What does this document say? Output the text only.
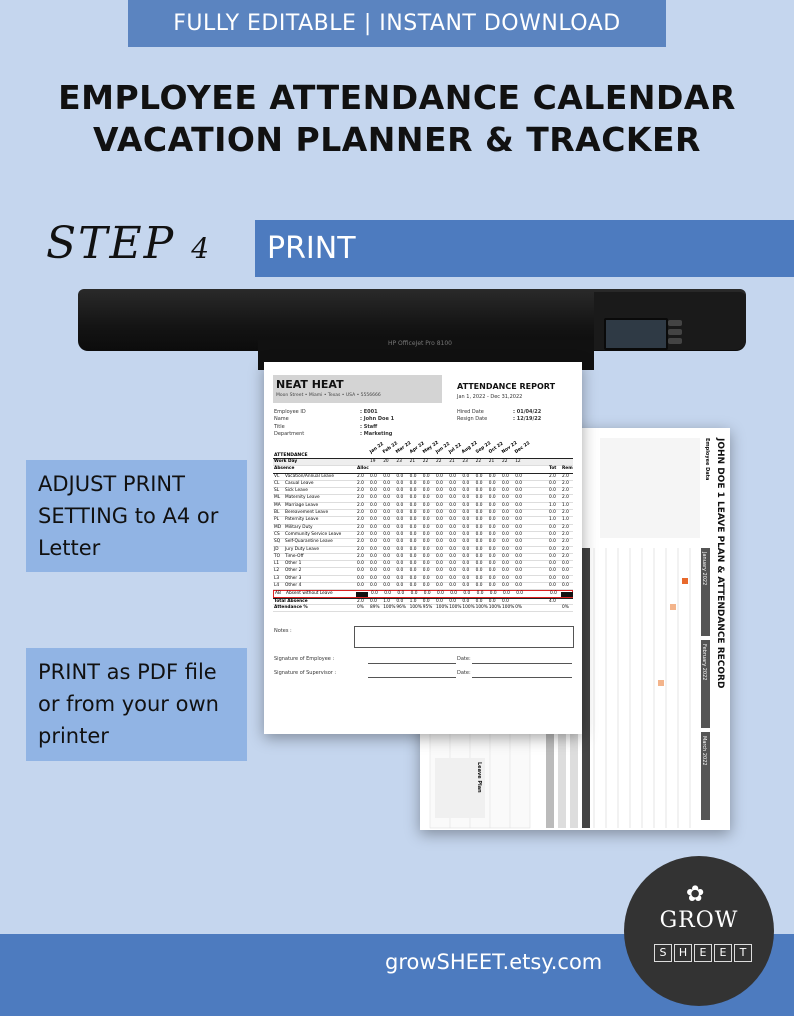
FULLY EDITABLE | INSTANT DOWNLOAD
EMPLOYEE ATTENDANCE CALENDAR
VACATION PLANNER & TRACKER
STEP 4	PRINT
HP OfficeJet Pro 8100
JOHN DOE 1 LEAVE PLAN & ATTENDANCE RECORD
Employee Data
January 2022
February 2022
March 2022
Leave Plan
NEAT HEAT
Moon Street • Miami • Texas • USA • 5556666
ATTENDANCE REPORT
Jan 1, 2022 - Dec 31,2022
Employee ID	: E001
Name	: John Doe 1
Title	: Staff
Department	: Marketing
Hired Date	: 01/04/22
Resign Date	: 12/19/22
ATTENDANCE
Jan 22
Feb 22
Mar 22
Apr 22
May 22
Jun 22
Jul 22
Aug 22
Sep 22
Oct 22
Nov 22
Dec 22
Work Day	19 20 23 21 22 22 21 23 22 21 22 12
Absence	Alloc	Tot Rem
VL Vacation/Annual Leave	2.0 0.0 0.0 0.0 0.0 0.0 0.0 0.0 0.0 0.0 0.0 0.0 0.0	2.0 2.0
CL Casual Leave	2.0 0.0 0.0 0.0 0.0 0.0 0.0 0.0 0.0 0.0 0.0 0.0 0.0	0.0 2.0
SL Sick Leave	2.0 0.0 0.0 0.0 0.0 0.0 0.0 0.0 0.0 0.0 0.0 0.0 0.0	0.0 2.0
ML Maternity Leave	2.0 0.0 0.0 0.0 0.0 0.0 0.0 0.0 0.0 0.0 0.0 0.0 0.0	0.0 2.0
MA Marriage Leave	2.0 0.0 0.0 0.0 0.0 0.0 0.0 0.0 0.0 0.0 0.0 0.0 0.0	1.0 1.0
BL Bereavement Leave	2.0 0.0 0.0 0.0 0.0 0.0 0.0 0.0 0.0 0.0 0.0 0.0 0.0	0.0 2.0
PL Paternity Leave	2.0 0.0 0.0 0.0 0.0 0.0 0.0 0.0 0.0 0.0 0.0 0.0 0.0	1.0 1.0
MD Military Duty	2.0 0.0 0.0 0.0 0.0 0.0 0.0 0.0 0.0 0.0 0.0 0.0 0.0	0.0 2.0
CS Community Service Leave	2.0 0.0 0.0 0.0 0.0 0.0 0.0 0.0 0.0 0.0 0.0 0.0 0.0	0.0 2.0
SQ Self-Quarantine Leave	2.0 0.0 0.0 0.0 0.0 0.0 0.0 0.0 0.0 0.0 0.0 0.0 0.0	0.0 2.0
JD Jury Duty Leave	2.0 0.0 0.0 0.0 0.0 0.0 0.0 0.0 0.0 0.0 0.0 0.0 0.0	0.0 2.0
TO Time-Off	2.0 0.0 0.0 0.0 0.0 0.0 0.0 0.0 0.0 0.0 0.0 0.0 0.0	0.0 2.0
L1 Other 1	0.0 0.0 0.0 0.0 0.0 0.0 0.0 0.0 0.0 0.0 0.0 0.0 0.0	0.0 0.0
L2 Other 2	0.0 0.0 0.0 0.0 0.0 0.0 0.0 0.0 0.0 0.0 0.0 0.0 0.0	0.0 0.0
L3 Other 3	0.0 0.0 0.0 0.0 0.0 0.0 0.0 0.0 0.0 0.0 0.0 0.0 0.0	0.0 0.0
L4 Other 4	0.0 0.0 0.0 0.0 0.0 0.0 0.0 0.0 0.0 0.0 0.0 0.0 0.0	0.0 0.0
AB Absent without Leave	0.0 0.0 0.0 0.0 0.0 0.0 0.0 0.0 0.0 0.0 0.0 0.0	0.0
Total Absence	2.0 0.0 1.0 0.0 1.0 0.0 0.0 0.0 0.0 0.0 0.0 0.0	4.0
Attendance %	0% 89% 100% 96% 100% 95% 100% 100% 100% 100% 100% 100% 0%	0%
Notes :
Signature of Employee :	Date:
Signature of Supervisor :	Date:
ADJUST PRINT SETTING to A4 or Letter
PRINT as PDF file or from your own printer
growSHEET.etsy.com
✿
GROW
S	H	E	E	T
